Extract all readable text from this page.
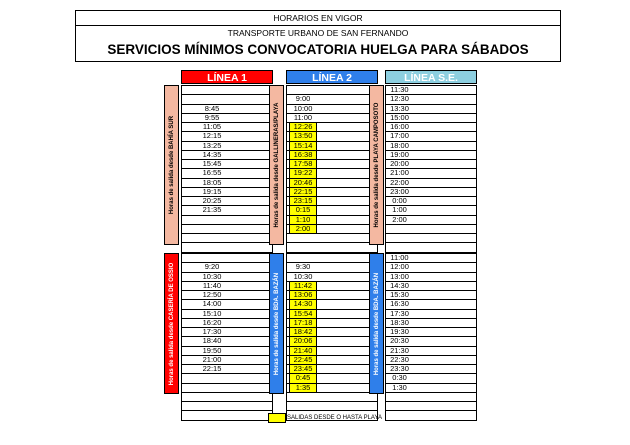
HORARIOS EN VIGOR
TRANSPORTE URBANO DE SAN FERNANDO
SERVICIOS MÍNIMOS CONVOCATORIA HUELGA PARA SÁBADOS
LÍNEA 1
Horas de salida desde BAHÍA SUR
8:45
9:55
11:05
12:15
13:25
14:35
15:45
16:55
18:05
19:15
20:25
21:35
Horas de salida desde CASERÍA DE OSSIO	9:20
10:30
11:40
12:50
14:00
15:10
16:20
17:30
18:40
19:50
21:00
22:15
LÍNEA 2
Horas de salida desde GALLINERAS/PLAYA
9:00
10:00
11:00
12:26
13:50
15:14
16:38
17:58
19:22
20:46
22:15
23:15
0:15
1:10
2:00
Horas de salida desde BDA. BAZÁN
9:30
10:30
11:42
13:06
14:30
15:54
17:18
18:42
20:06
21:40
22:45
23:45
0:45
1:35
LÍNEA S.E. PLAYA
Horas de salida desde PLAYA CAMPOSOTO
11:30
12:30
13:30
15:00
16:00
17:00
18:00
19:00
20:00
21:00
22:00
23:00
0:00
1:00
2:00
Horas de salida desde BDA. BAZÁN
11:00
12:00
13:00
14:30
15:30
16:30
17:30
18:30
19:30
20:30
21:30
22:30
23:30
0:30
1:30
SALIDAS DESDE O HASTA PLAYA
